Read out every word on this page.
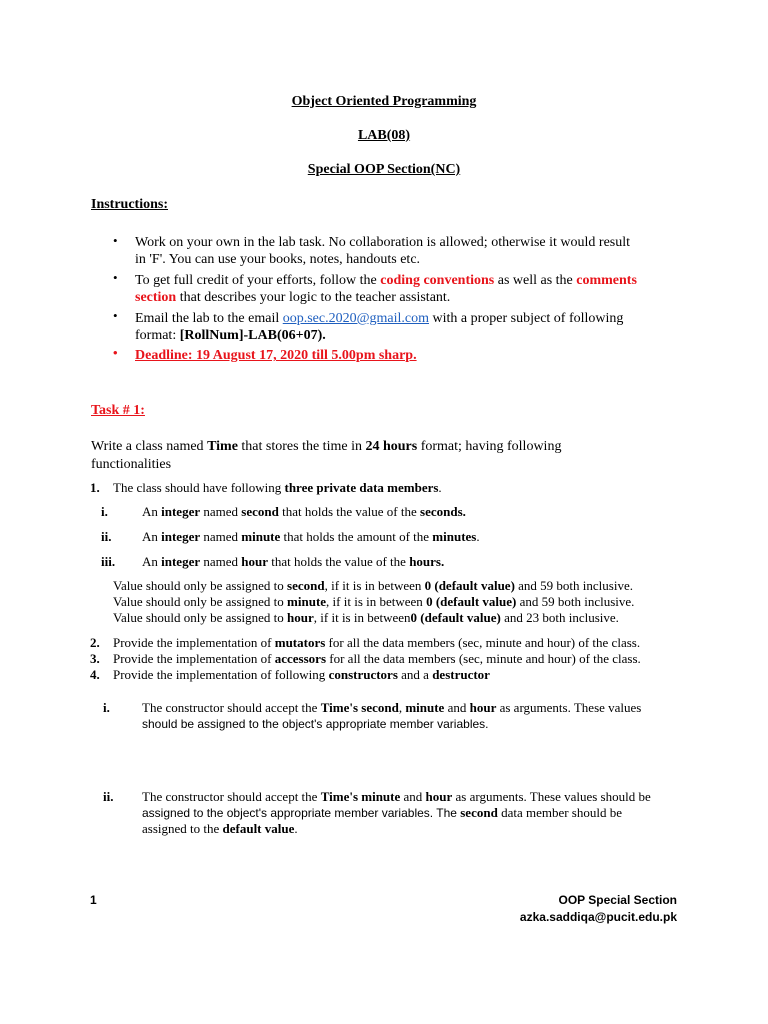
Object Oriented Programming
LAB(08)
Special OOP Section(NC)
Instructions:
• Work on your own in the lab task. No collaboration is allowed; otherwise it would result
in 'F'. You can use your books, notes, handouts etc.
• To get full credit of your efforts, follow the coding conventions as well as the comments
section that describes your logic to the teacher assistant.
• Email the lab to the email oop.sec.2020@gmail.com with a proper subject of following
format: [RollNum]-LAB(06+07).
• Deadline: 19 August 17, 2020 till 5.00pm sharp.
Task # 1:
Write a class named Time that stores the time in 24 hours format; having following
functionalities
1. The class should have following three private data members.
i.	An integer named second that holds the value of the seconds.
ii. An integer named minute that holds the amount of the minutes.
iii. An integer named hour that holds the value of the hours.
Value should only be assigned to second, if it is in between 0 (default value) and 59 both inclusive.
Value should only be assigned to minute, if it is in between 0 (default value) and 59 both inclusive.
Value should only be assigned to hour, if it is in between0 (default value) and 23 both inclusive.
2. Provide the implementation of mutators for all the data members (sec, minute and hour) of the class.
3. Provide the implementation of accessors for all the data members (sec, minute and hour) of the class.
4. Provide the implementation of following constructors and a destructor
i. The constructor should accept the Time's second, minute and hour as arguments. These values
should be assigned to the object's appropriate member variables.
ii. The constructor should accept the Time's minute and hour as arguments. These values should be
assigned to the object's appropriate member variables. The second data member should be
assigned to the default value.
1	OOP Special Section
azka.saddiqa@pucit.edu.pk
